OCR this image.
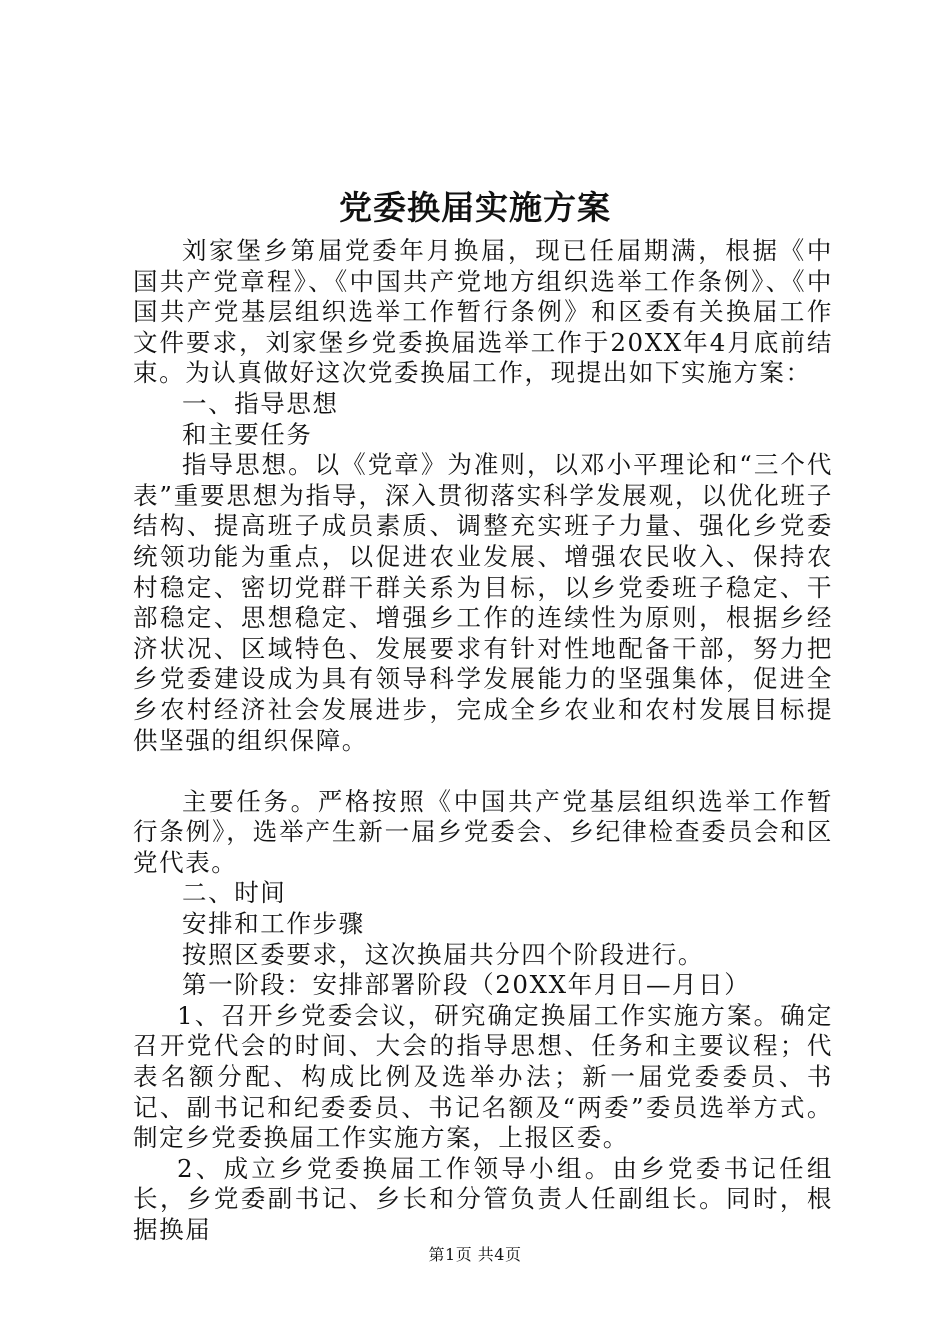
党委换届实施方案

刘家堡乡第届党委年月换届，现已任届期满，根据《中国共产党章程》、《中国共产党地方组织选举工作条例》、《中国共产党基层组织选举工作暂行条例》和区委有关换届工作文件要求，刘家堡乡党委换届选举工作于20XX年4月底前结束。为认真做好这次党委换届工作，现提出如下实施方案：

一、指导思想

和主要任务

指导思想。以《党章》为准则，以邓小平理论和“三个代表”重要思想为指导，深入贯彻落实科学发展观，以优化班子结构、提高班子成员素质、调整充实班子力量、强化乡党委统领功能为重点，以促进农业发展、增强农民收入、保持农村稳定、密切党群干群关系为目标，以乡党委班子稳定、干部稳定、思想稳定、增强乡工作的连续性为原则，根据乡经济状况、区域特色、发展要求有针对性地配备干部，努力把乡党委建设成为具有领导科学发展能力的坚强集体，促进全乡农村经济社会发展进步，完成全乡农业和农村发展目标提供坚强的组织保障。

主要任务。严格按照《中国共产党基层组织选举工作暂行条例》，选举产生新一届乡党委会、乡纪律检查委员会和区党代表。

二、时间

安排和工作步骤

按照区委要求，这次换届共分四个阶段进行。

第一阶段：安排部署阶段（20XX年月日—月日）

1、召开乡党委会议，研究确定换届工作实施方案。确定召开党代会的时间、大会的指导思想、任务和主要议程；代表名额分配、构成比例及选举办法；新一届党委委员、书记、副书记和纪委委员、书记名额及“两委”委员选举方式。制定乡党委换届工作实施方案，上报区委。

2、成立乡党委换届工作领导小组。由乡党委书记任组长，乡党委副书记、乡长和分管负责人任副组长。同时，根据换届

第1页 共4页
